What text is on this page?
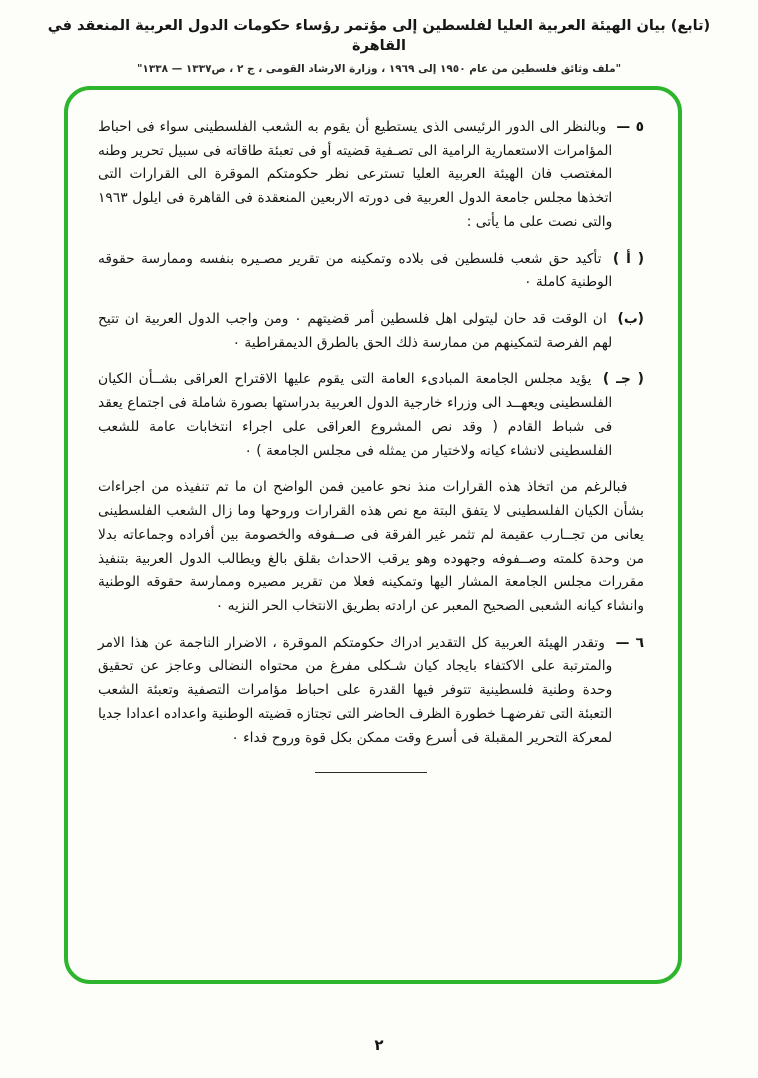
(تابع) بيان الهيئة العربية العليا لفلسطين إلى مؤتمر رؤساء حكومات الدول العربية المنعقد في القاهرة
"ملف وثائق فلسطين من عام ١٩٥٠ إلى ١٩٦٩ ، وزارة الارشاد القومى ، ج ٢ ، ص١٣٣٧ — ١٣٣٨"

٥ — وبالنظر الى الدور الرئيسى الذى يستطيع أن يقوم به الشعب الفلسطينى سواء فى احباط المؤامرات الاستعمارية الرامية الى تصـفية قضيته أو فى تعبئة طاقاته فى سبيل تحرير وطنه المغتصب فان الهيئة العربية العليا تسترعى نظر حكومتكم الموقرة الى القرارات التى اتخذها مجلس جامعة الدول العربية فى دورته الاربعين المنعقدة فى القاهرة فى ايلول ١٩٦٣ والتى نصت على ما يأتى :

( أ ) تأكيد حق شعب فلسطين فى بلاده وتمكينه من تقرير مصـيره بنفسه وممارسة حقوقه الوطنية كاملة ٠

(ب) ان الوقت قد حان ليتولى اهل فلسطين أمر قضيتهم ٠ ومن واجب الدول العربية ان تتيح لهم الفرصة لتمكينهم من ممارسة ذلك الحق بالطرق الديمقراطية ٠

( جـ ) يؤيد مجلس الجامعة المبادىء العامة التى يقوم عليها الاقتراح العراقى بشــأن الكيان الفلسطينى ويعهــد الى وزراء خارجية الدول العربية بدراستها بصورة شاملة فى اجتماع يعقد فى شباط القادم ( وقد نص المشروع العراقى على اجراء انتخابات عامة للشعب الفلسطينى لانشاء كيانه ولاختيار من يمثله فى مجلس الجامعة ) ٠

فبالرغم من اتخاذ هذه القرارات منذ نحو عامين فمن الواضح ان ما تم تنفيذه من اجراءات بشأن الكيان الفلسطينى لا يتفق البتة مع نص هذه القرارات وروحها وما زال الشعب الفلسطينى يعانى من تجــارب عقيمة لم تثمر غير الفرقة فى صــفوفه والخصومة بين أفراده وجماعاته بدلا من وحدة كلمته وصــفوفه وجهوده وهو يرقب الاحداث بقلق بالغ ويطالب الدول العربية بتنفيذ مقررات مجلس الجامعة المشار اليها وتمكينه فعلا من تقرير مصيره وممارسة حقوقه الوطنية وانشاء كيانه الشعبى الصحيح المعبر عن ارادته بطريق الانتخاب الحر النزيه ٠

٦ — وتقدر الهيئة العربية كل التقدير ادراك حكومتكم الموقرة ، الاضرار الناجمة عن هذا الامر والمترتبة على الاكتفاء بايجاد كيان شـكلى مفرغ من محتواه النضالى وعاجز عن تحقيق وحدة وطنية فلسطينية تتوفر فيها القدرة على احباط مؤامرات التصفية وتعبئة الشعب التعبئة التى تفرضهـا خطورة الظرف الحاضر التى تجتازه قضيته الوطنية واعداده اعدادا جديا لمعركة التحرير المقبلة فى أسرع وقت ممكن بكل قوة وروح فداء ٠

٢
